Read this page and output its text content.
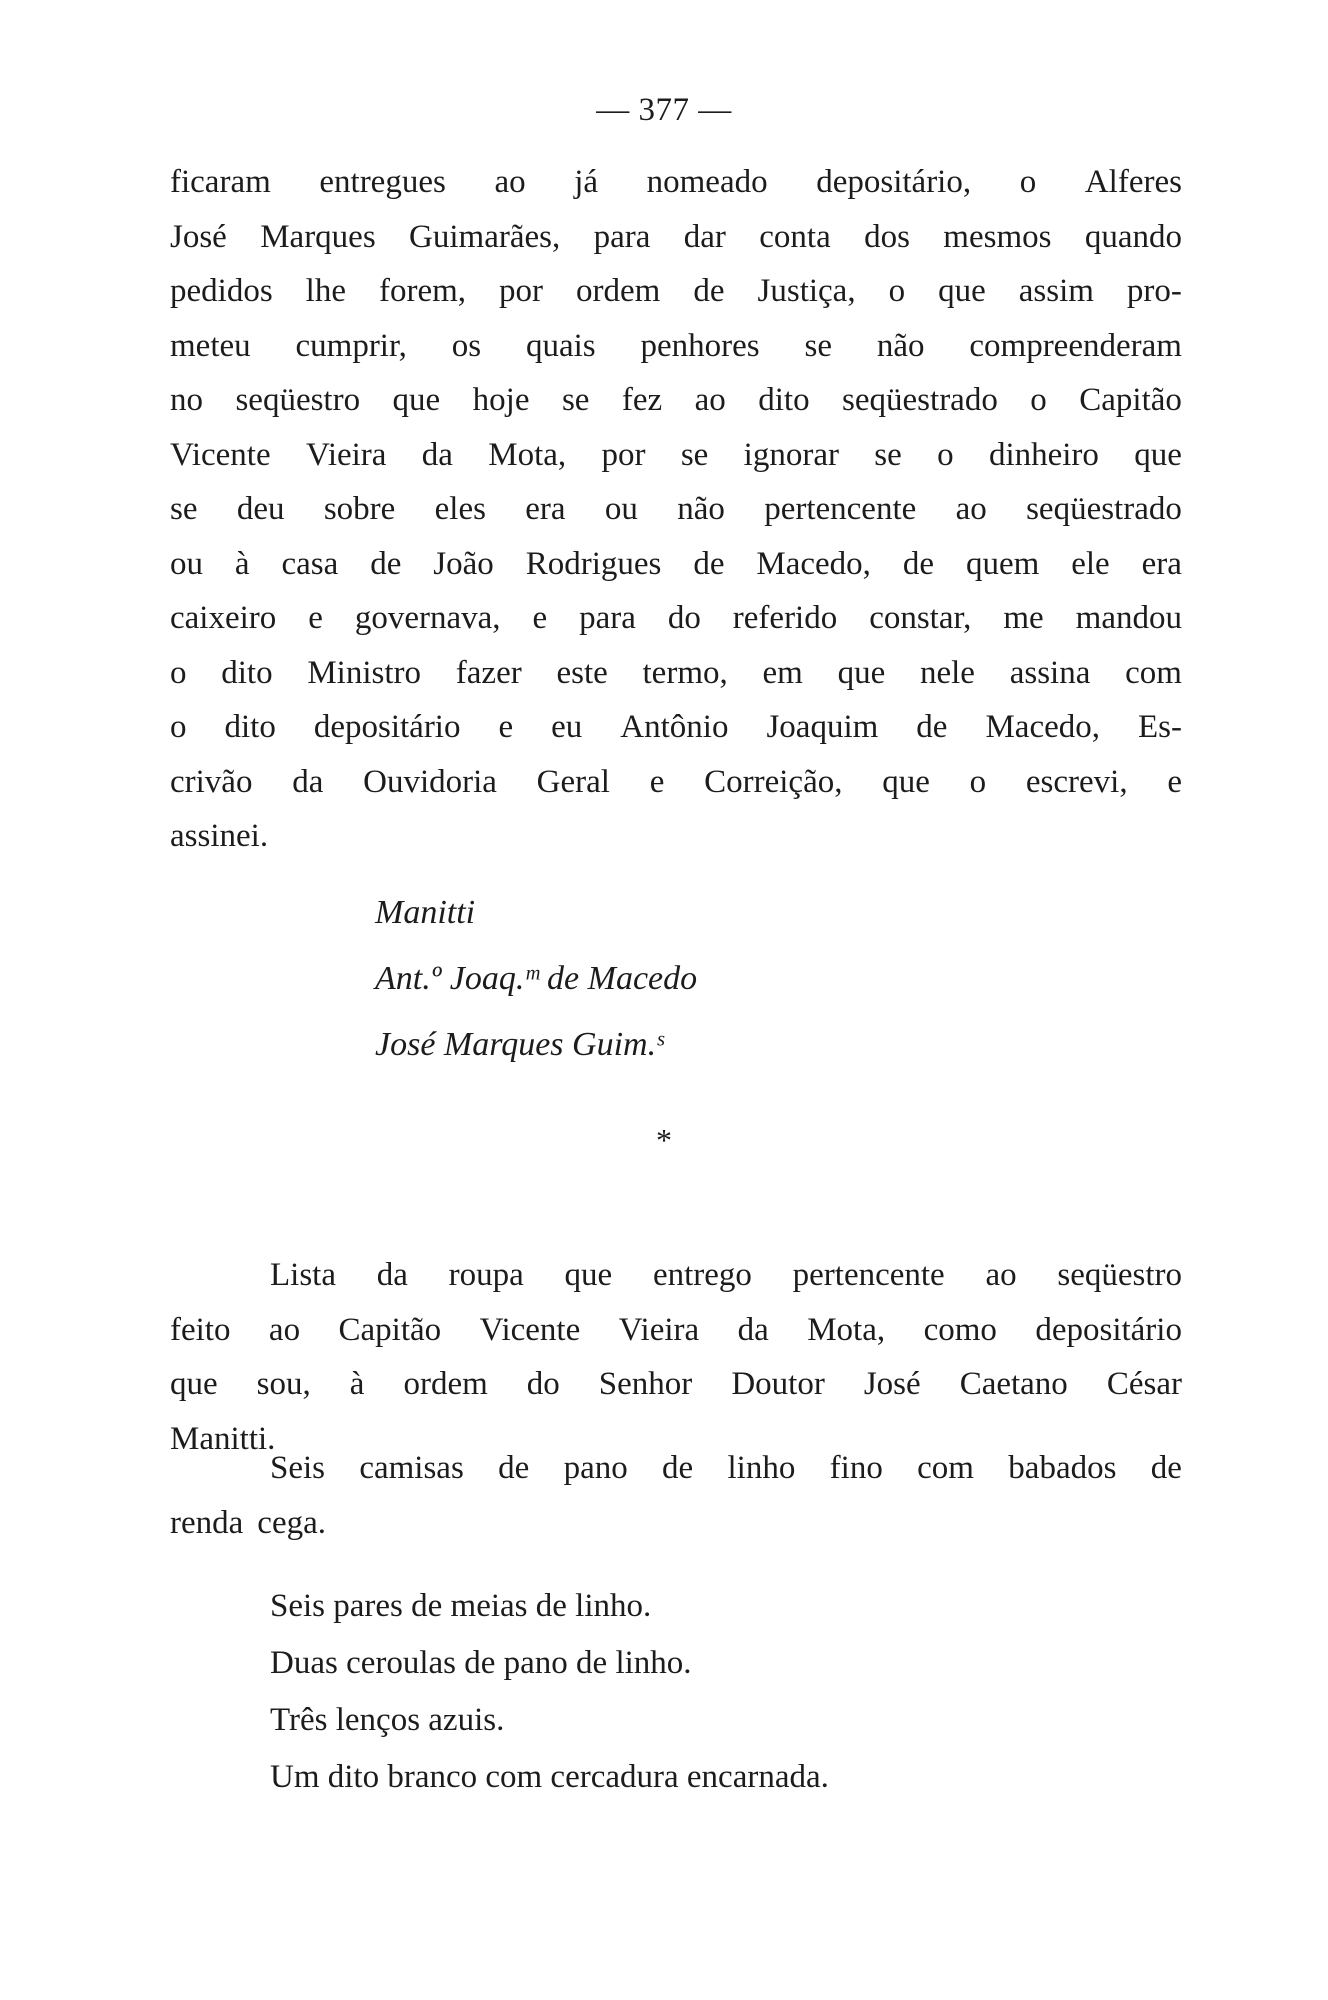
— 377 —
ficaram entregues ao já nomeado depositário, o Alferes
José Marques Guimarães, para dar conta dos mesmos quando
pedidos lhe forem, por ordem de Justiça, o que assim pro-
meteu cumprir, os quais penhores se não compreenderam
no seqüestro que hoje se fez ao dito seqüestrado o Capitão
Vicente Vieira da Mota, por se ignorar se o dinheiro que
se deu sobre eles era ou não pertencente ao seqüestrado
ou à casa de João Rodrigues de Macedo, de quem ele era
caixeiro e governava, e para do referido constar, me mandou
o dito Ministro fazer este termo, em que nele assina com
o dito depositário e eu Antônio Joaquim de Macedo, Es-
crivão da Ouvidoria Geral e Correição, que o escrevi, e
assinei.
Manitti
Ant.º Joaq.ᵐ de Macedo
José Marques Guim.ˢ
*
Lista da roupa que entrego pertencente ao seqüestro
feito ao Capitão Vicente Vieira da Mota, como depositário
que sou, à ordem do Senhor Doutor José Caetano César
Manitti.
Seis camisas de pano de linho fino com babados de
renda cega.
Seis pares de meias de linho.
Duas ceroulas de pano de linho.
Três lenços azuis.
Um dito branco com cercadura encarnada.
